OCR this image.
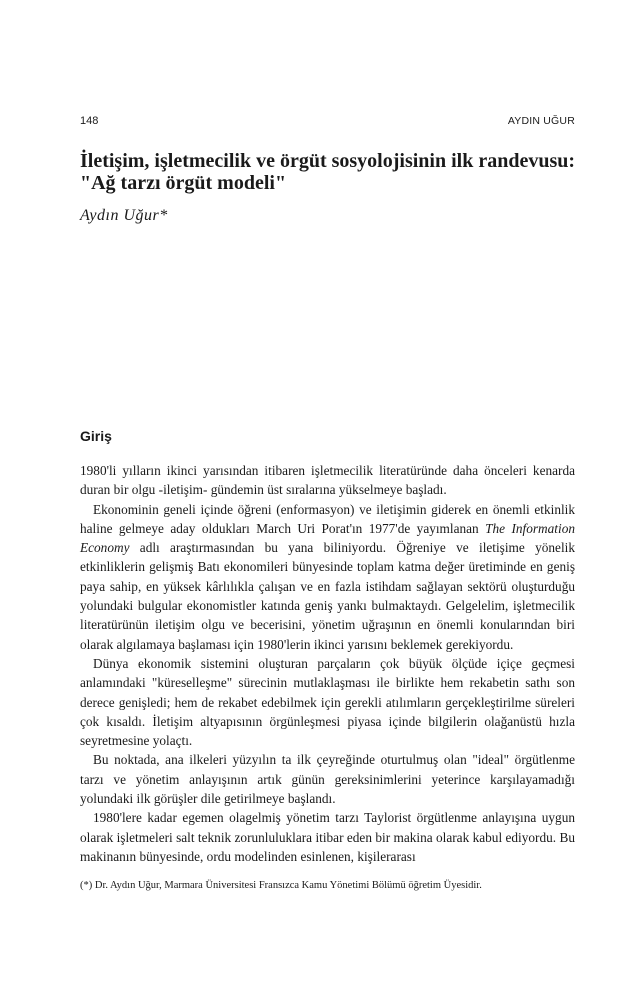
148	AYDIN UĞUR
İletişim, işletmecilik ve örgüt sosyolojisinin ilk randevusu: "Ağ tarzı örgüt modeli"
Aydın Uğur*
Giriş

1980'li yılların ikinci yarısından itibaren işletmecilik literatüründe daha önceleri kenarda duran bir olgu -iletişim- gündemin üst sıralarına yükselmeye başladı.

Ekonominin geneli içinde öğreni (enformasyon) ve iletişimin giderek en önemli etkinlik haline gelmeye aday oldukları March Uri Porat'ın 1977'de yayımlanan The Information Economy adlı araştırmasından bu yana biliniyordu. Öğreniye ve iletişime yönelik etkinliklerin gelişmiş Batı ekonomileri bünyesinde toplam katma değer üretiminde en geniş paya sahip, en yüksek kârlılıkla çalışan ve en fazla istihdam sağlayan sektörü oluşturduğu yolundaki bulgular ekonomistler katında geniş yankı bulmaktaydı. Gelgelelim, işletmecilik literatürünün iletişim olgu ve becerisini, yönetim uğraşının en önemli konularından biri olarak algılamaya başlaması için 1980'lerin ikinci yarısını beklemek gerekiyordu.

Dünya ekonomik sistemini oluşturan parçaların çok büyük ölçüde içiçe geçmesi anlamındaki "küreselleşme" sürecinin mutlaklaşması ile birlikte hem rekabetin sathı son derece genişledi; hem de rekabet edebilmek için gerekli atılımların gerçekleştirilme süreleri çok kısaldı. İletişim altyapısının örgünleşmesi piyasa içinde bilgilerin olağanüstü hızla seyretmesine yolaçtı.

Bu noktada, ana ilkeleri yüzyılın ta ilk çeyreğinde oturtulmuş olan "ideal" örgütlenme tarzı ve yönetim anlayışının artık günün gereksinimlerini yeterince karşılayamadığı yolundaki ilk görüşler dile getirilmeye başlandı.

1980'lere kadar egemen olagelmiş yönetim tarzı Taylorist örgütlenme anlayışına uygun olarak işletmeleri salt teknik zorunluluklara itibar eden bir makina olarak kabul ediyordu. Bu makinanın bünyesinde, ordu modelinden esinlenen, kişilerarası

(*) Dr. Aydın Uğur, Marmara Üniversitesi Fransızca Kamu Yönetimi Bölümü öğretim Üyesidir.
